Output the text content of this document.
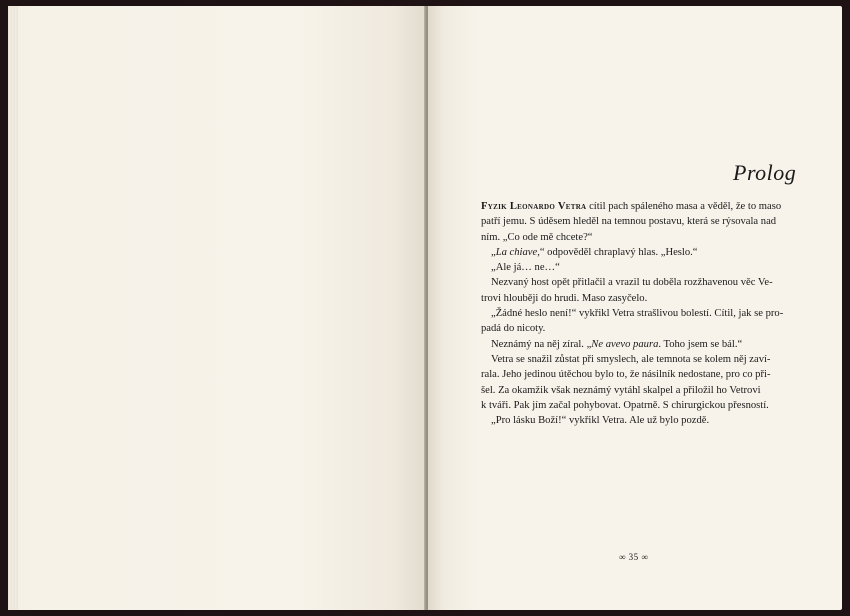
Prolog

Fyzik Leonardo Vetra cítil pach spáleného masa a věděl, že to maso

patří jemu. S úděsem hleděl na temnou postavu, která se rýsovala nad

ním. „Co ode mě chcete?“

„La chiave,“ odpověděl chraplavý hlas. „Heslo.“

„Ale já… ne…“

Nezvaný host opět přitlačil a vrazil tu doběla rozžhavenou věc Ve-

trovi hlouběji do hrudi. Maso zasyčelo.

„Žádné heslo není!“ vykřikl Vetra strašlivou bolestí. Cítil, jak se pro-

padá do nicoty.

Neznámý na něj zíral. „Ne avevo paura. Toho jsem se bál.“

Vetra se snažil zůstat při smyslech, ale temnota se kolem něj zaví-

rala. Jeho jedinou útěchou bylo to, že násilník nedostane, pro co při-

šel. Za okamžik však neznámý vytáhl skalpel a přiložil ho Vetrovi

k tváři. Pak jím začal pohybovat. Opatrně. S chirurgickou přesností.

„Pro lásku Boží!“ vykřikl Vetra. Ale už bylo pozdě.

∞ 35 ∞
